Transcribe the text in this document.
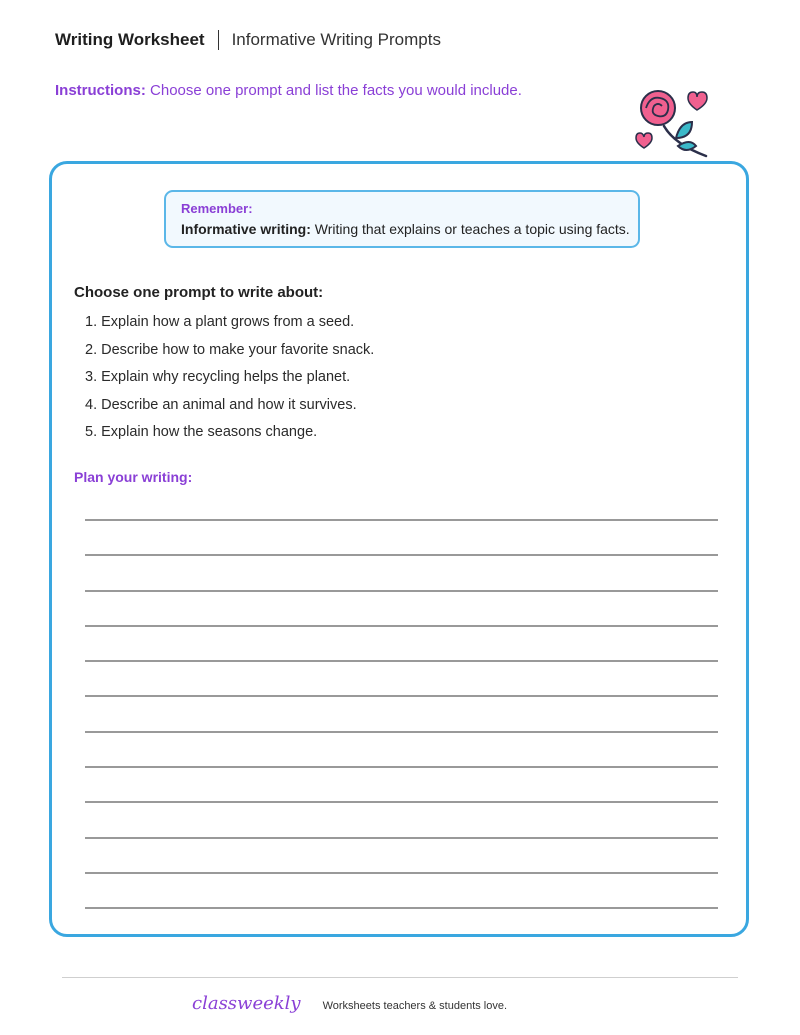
Writing Worksheet Informative Writing Prompts
Instructions: Choose one prompt and list the facts you would include.
Remember:
Informative writing: Writing that explains or teaches a topic using facts.
Choose one prompt to write about:
1. Explain how a plant grows from a seed.
2. Describe how to make your favorite snack.
3. Explain why recycling helps the planet.
4. Describe an animal and how it survives.
5. Explain how the seasons change.
Plan your writing:
classweekly Worksheets teachers & students love.
